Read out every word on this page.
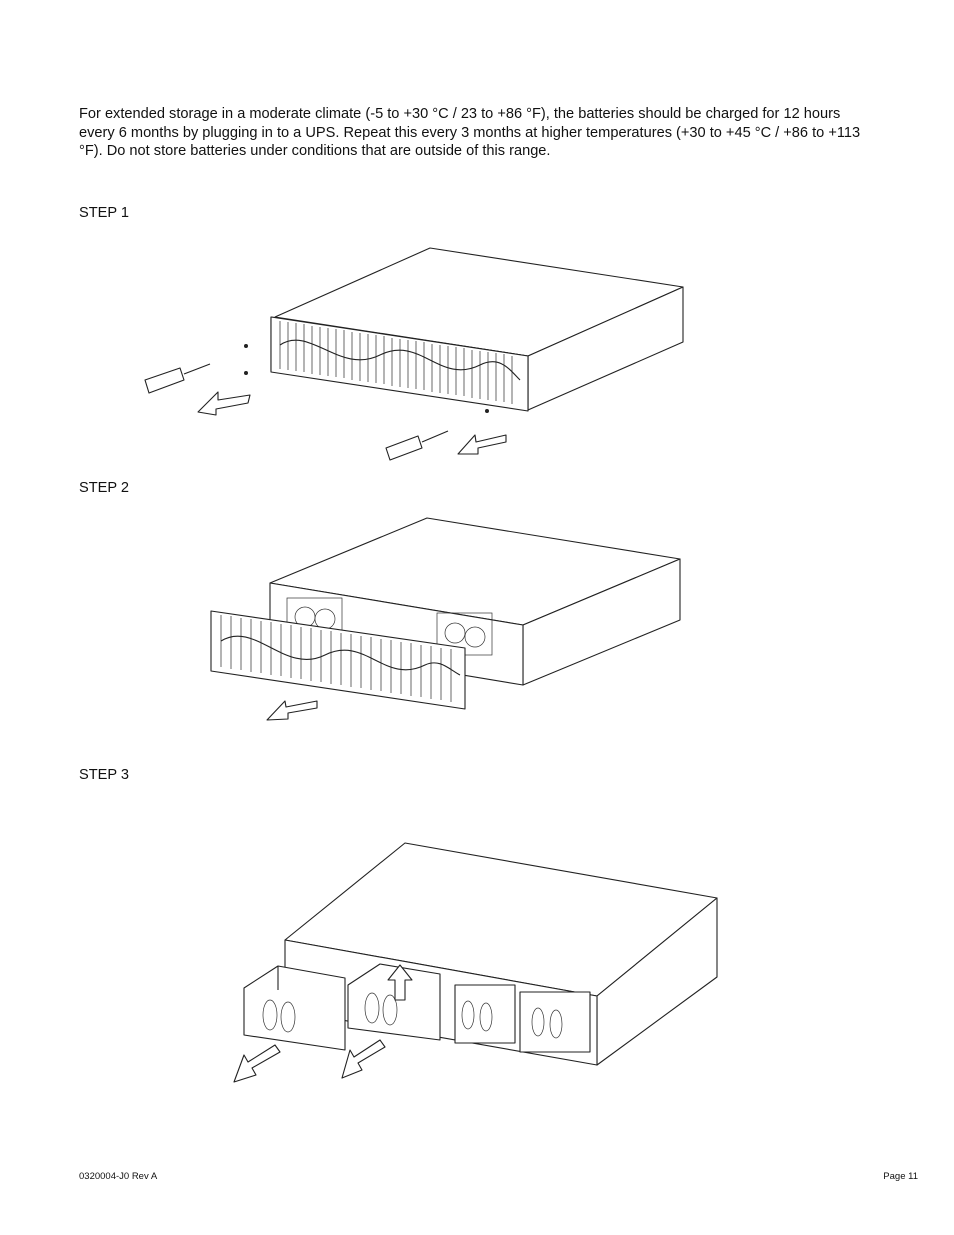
For extended storage in a moderate climate (-5 to +30 °C / 23 to +86 °F), the batteries should be charged for 12 hours every 6 months by plugging in to a UPS. Repeat this every 3 months at higher temperatures (+30 to +45 °C / +86 to +113 °F). Do not store batteries under conditions that are outside of this range.
STEP 1
STEP 2
STEP 3
0320004-J0 Rev A	Page 11
